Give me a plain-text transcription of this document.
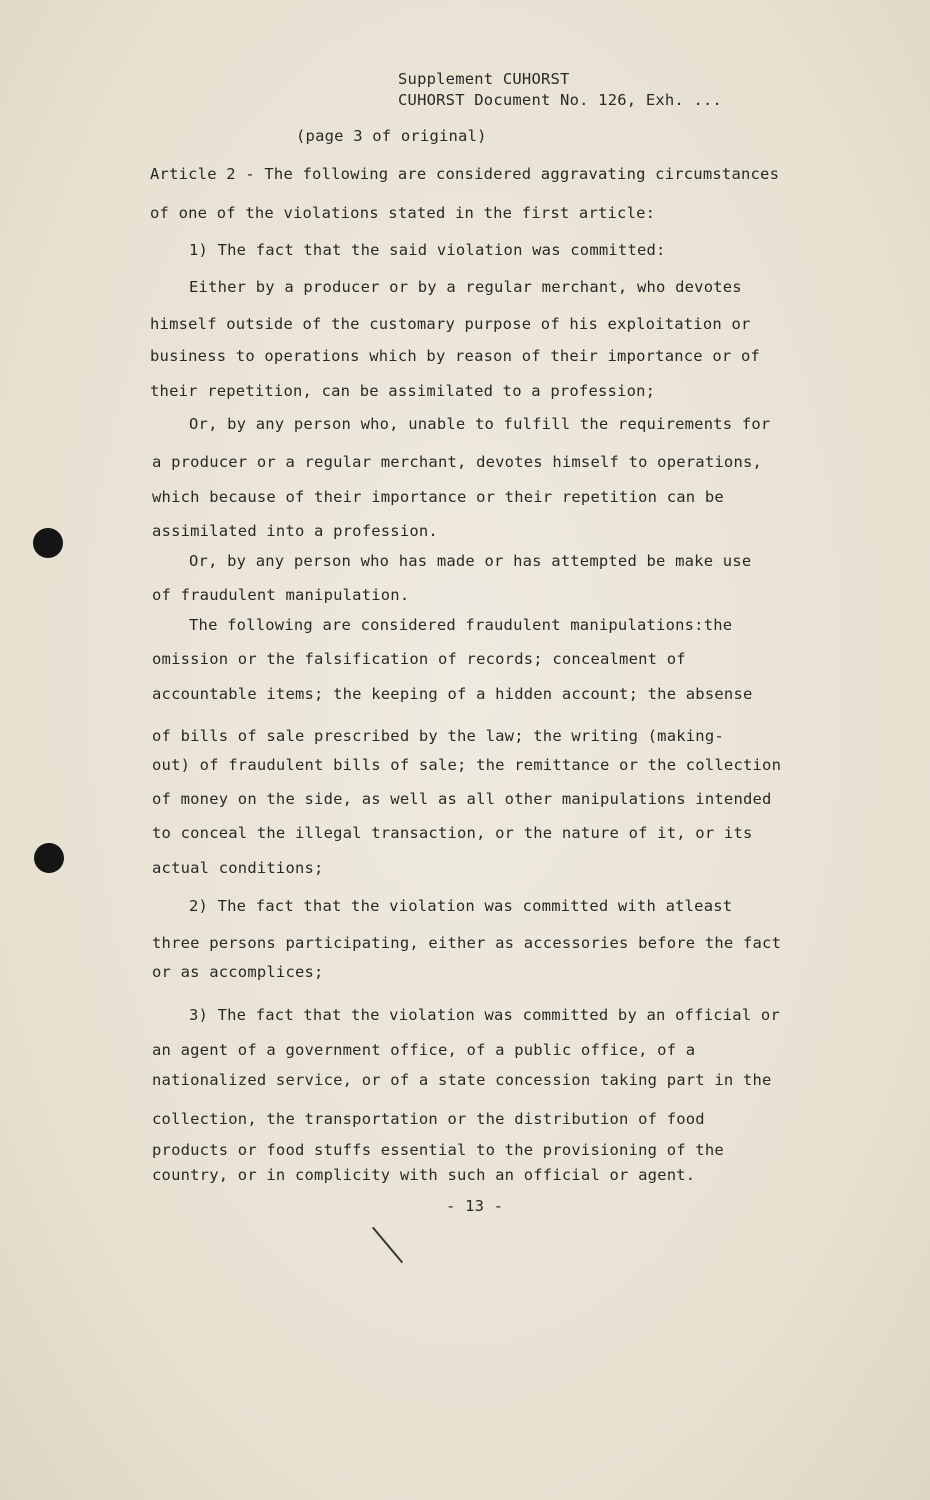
Supplement CUHORST
CUHORST Document No. 126, Exh. ...
(page 3 of original)
Article 2 - The following are considered aggravating circumstances
of one of the violations stated in the first article:
1) The fact that the said violation was committed:
Either by a producer or by a regular merchant, who devotes
himself outside of the customary purpose of his exploitation or
business to operations which by reason of their importance or of
their repetition, can be assimilated to a profession;
Or, by any person who, unable to fulfill the requirements for
a producer or a regular merchant, devotes himself to operations,
which because of their importance or their repetition can be
assimilated into a profession.
Or, by any person who has made or has attempted be make use
of fraudulent manipulation.
The following are considered fraudulent manipulations:the
omission or the falsification of records; concealment of
accountable items; the keeping of a hidden account; the absense
of bills of sale prescribed by the law; the writing (making-
out) of fraudulent bills of sale; the remittance or the collection
of money on the side, as well as all other manipulations intended
to conceal the illegal transaction, or the nature of it, or its
actual conditions;
2) The fact that the violation was committed with atleast
three persons participating, either as accessories before the fact
or as accomplices;
3) The fact that the violation was committed by an official or
an agent of a government office, of a public office, of a
nationalized service, or of a state concession taking part in the
collection, the transportation or the distribution of food
products or food stuffs essential to the provisioning of the
country, or in complicity with such an official or agent.
- 13 -
